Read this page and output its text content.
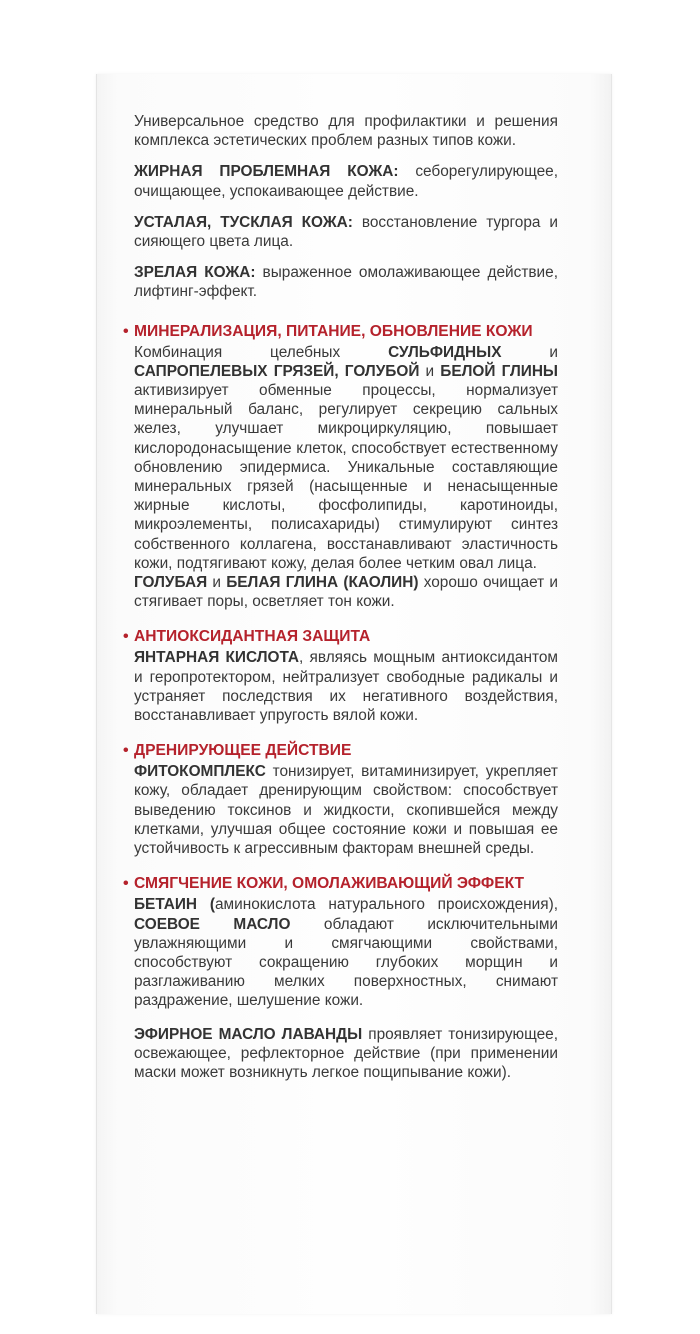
Универсальное средство для профилактики и решения комплекса эстетических проблем разных типов кожи.

ЖИРНАЯ ПРОБЛЕМНАЯ КОЖА: себорегулирующее, очищающее, успокаивающее действие.

УСТАЛАЯ, ТУСКЛАЯ КОЖА: восстановление тургора и сияющего цвета лица.

ЗРЕЛАЯ КОЖА: выраженное омолаживающее действие, лифтинг-эффект.

• МИНЕРАЛИЗАЦИЯ, ПИТАНИЕ, ОБНОВЛЕНИЕ КОЖИ

Комбинация целебных СУЛЬФИДНЫХ и САПРОПЕЛЕВЫХ ГРЯЗЕЙ, ГОЛУБОЙ и БЕЛОЙ ГЛИНЫ активизирует обменные процессы, нормализует минеральный баланс, регулирует секрецию сальных желез, улучшает микроциркуляцию, повышает кислородонасыщение клеток, способствует естественному обновлению эпидермиса. Уникальные составляющие минеральных грязей (насыщенные и ненасыщенные жирные кислоты, фосфолипиды, каротиноиды, микроэлементы, полисахариды) стимулируют синтез собственного коллагена, восстанавливают эластичность кожи, подтягивают кожу, делая более четким овал лица.

ГОЛУБАЯ и БЕЛАЯ ГЛИНА (КАОЛИН) хорошо очищает и стягивает поры, осветляет тон кожи.

• АНТИОКСИДАНТНАЯ ЗАЩИТА

ЯНТАРНАЯ КИСЛОТА, являясь мощным антиоксидантом и геропротектором, нейтрализует свободные радикалы и устраняет последствия их негативного воздействия, восстанавливает упругость вялой кожи.

• ДРЕНИРУЮЩЕЕ ДЕЙСТВИЕ

ФИТОКОМПЛЕКС тонизирует, витаминизирует, укрепляет кожу, обладает дренирующим свойством: способствует выведению токсинов и жидкости, скопившейся между клетками, улучшая общее состояние кожи и повышая ее устойчивость к агрессивным факторам внешней среды.

• СМЯГЧЕНИЕ КОЖИ, ОМОЛАЖИВАЮЩИЙ ЭФФЕКТ

БЕТАИН (аминокислота натурального происхождения), СОЕВОЕ МАСЛО обладают исключительными увлажняющими и смягчающими свойствами, способствуют сокращению глубоких морщин и разглаживанию мелких поверхностных, снимают раздражение, шелушение кожи.

ЭФИРНОЕ МАСЛО ЛАВАНДЫ проявляет тонизирующее, освежающее, рефлекторное действие (при применении маски может возникнуть легкое пощипывание кожи).
